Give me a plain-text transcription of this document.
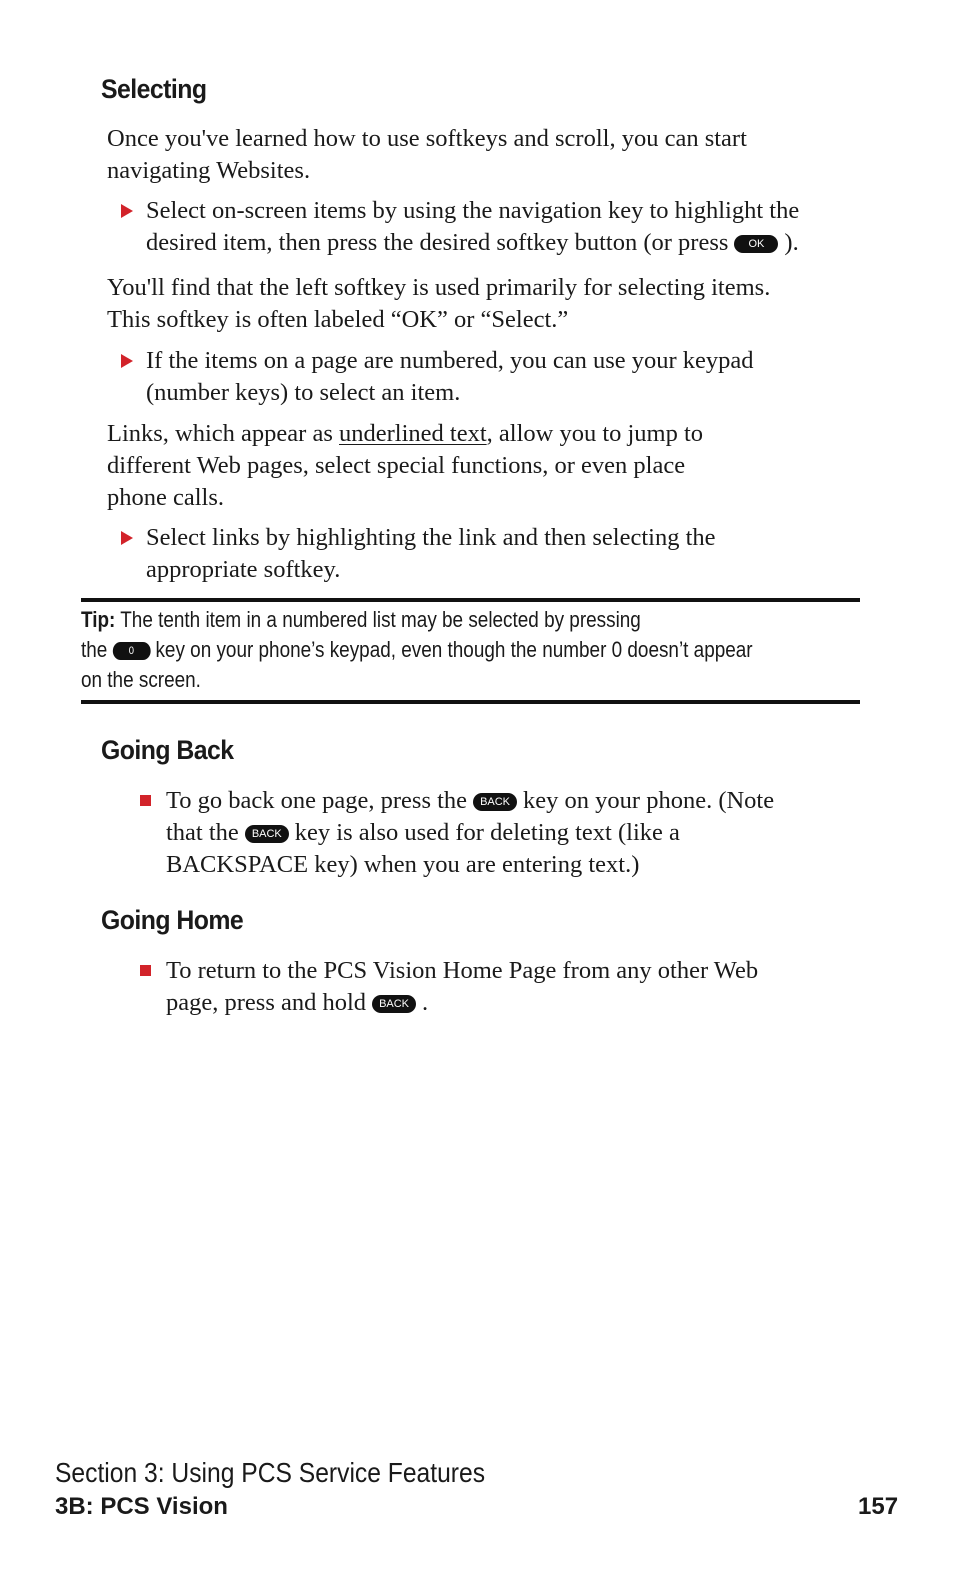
Selecting
Once you've learned how to use softkeys and scroll, you can start
navigating Websites.
Select on-screen items by using the navigation key to highlight the
desired item, then press the desired softkey button (or press OK ).
You'll find that the left softkey is used primarily for selecting items.
This softkey is often labeled “OK” or “Select.”
If the items on a page are numbered, you can use your keypad
(number keys) to select an item.
Links, which appear as underlined text, allow you to jump to
different Web pages, select special functions, or even place
phone calls.
Select links by highlighting the link and then selecting the
appropriate softkey.
Tip: The tenth item in a numbered list may be selected by pressing
the 0 key on your phone’s keypad, even though the number 0 doesn’t appear
on the screen.
Going Back
To go back one page, press the BACK key on your phone. (Note
that the BACK key is also used for deleting text (like a
BACKSPACE key) when you are entering text.)
Going Home
To return to the PCS Vision Home Page from any other Web
page, press and hold BACK .
Section 3: Using PCS Service Features
3B: PCS Vision	157
